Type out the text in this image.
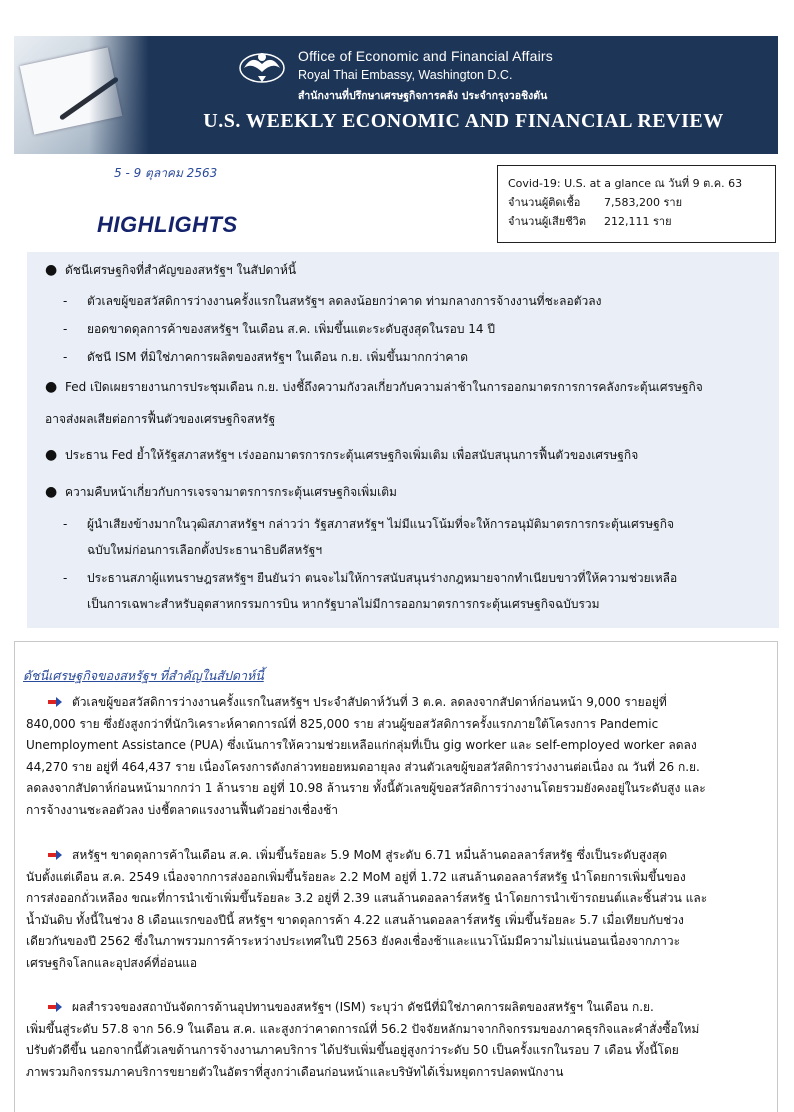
Office of Economic and Financial Affairs
Royal Thai Embassy, Washington D.C.
สำนักงานที่ปรึกษาเศรษฐกิจการคลัง ประจำกรุงวอชิงตัน
U.S. WEEKLY ECONOMIC AND FINANCIAL REVIEW
5 - 9 ตุลาคม 2563
Covid-19: U.S. at a glance ณ วันที่ 9 ต.ค. 63
จำนวนผู้ติดเชื้อ	7,583,200 ราย
จำนวนผู้เสียชีวิต	212,111 ราย
HIGHLIGHTS
● ดัชนีเศรษฐกิจที่สำคัญของสหรัฐฯ ในสัปดาห์นี้
- ตัวเลขผู้ขอสวัสดิการว่างงานครั้งแรกในสหรัฐฯ ลดลงน้อยกว่าคาด ท่ามกลางการจ้างงานที่ชะลอตัวลง
- ยอดขาดดุลการค้าของสหรัฐฯ ในเดือน ส.ค. เพิ่มขึ้นแตะระดับสูงสุดในรอบ 14 ปี
- ดัชนี ISM ที่มิใช่ภาคการผลิตของสหรัฐฯ ในเดือน ก.ย. เพิ่มขึ้นมากกว่าคาด
● Fed เปิดเผยรายงานการประชุมเดือน ก.ย. บ่งชี้ถึงความกังวลเกี่ยวกับความล่าช้าในการออกมาตรการการคลังกระตุ้นเศรษฐกิจ
อาจส่งผลเสียต่อการฟื้นตัวของเศรษฐกิจสหรัฐ
● ประธาน Fed ย้ำให้รัฐสภาสหรัฐฯ เร่งออกมาตรการกระตุ้นเศรษฐกิจเพิ่มเติม เพื่อสนับสนุนการฟื้นตัวของเศรษฐกิจ
● ความคืบหน้าเกี่ยวกับการเจรจามาตรการกระตุ้นเศรษฐกิจเพิ่มเติม
- ผู้นำเสียงข้างมากในวุฒิสภาสหรัฐฯ กล่าวว่า รัฐสภาสหรัฐฯ ไม่มีแนวโน้มที่จะให้การอนุมัติมาตรการกระตุ้นเศรษฐกิจ
ฉบับใหม่ก่อนการเลือกตั้งประธานาธิบดีสหรัฐฯ
- ประธานสภาผู้แทนราษฎรสหรัฐฯ ยืนยันว่า ตนจะไม่ให้การสนับสนุนร่างกฎหมายจากทำเนียบขาวที่ให้ความช่วยเหลือ
เป็นการเฉพาะสำหรับอุตสาหกรรมการบิน หากรัฐบาลไม่มีการออกมาตรการกระตุ้นเศรษฐกิจฉบับรวม
ดัชนีเศรษฐกิจของสหรัฐฯ ที่สำคัญในสัปดาห์นี้
ตัวเลขผู้ขอสวัสดิการว่างงานครั้งแรกในสหรัฐฯ ประจำสัปดาห์วันที่ 3 ต.ค. ลดลงจากสัปดาห์ก่อนหน้า 9,000 รายอยู่ที่
840,000 ราย ซึ่งยังสูงกว่าที่นักวิเคราะห์คาดการณ์ที่ 825,000 ราย ส่วนผู้ขอสวัสดิการครั้งแรกภายใต้โครงการ Pandemic
Unemployment Assistance (PUA) ซึ่งเน้นการให้ความช่วยเหลือแก่กลุ่มที่เป็น gig worker และ self-employed worker ลดลง
44,270 ราย อยู่ที่ 464,437 ราย เนื่องโครงการดังกล่าวทยอยหมดอายุลง ส่วนตัวเลขผู้ขอสวัสดิการว่างงานต่อเนื่อง ณ วันที่ 26 ก.ย.
ลดลงจากสัปดาห์ก่อนหน้ามากกว่า 1 ล้านราย อยู่ที่ 10.98 ล้านราย ทั้งนี้ตัวเลขผู้ขอสวัสดิการว่างงานโดยรวมยังคงอยู่ในระดับสูง และ
การจ้างงานชะลอตัวลง บ่งชี้ตลาดแรงงานฟื้นตัวอย่างเชื่องช้า
สหรัฐฯ ขาดดุลการค้าในเดือน ส.ค. เพิ่มขึ้นร้อยละ 5.9 MoM สู่ระดับ 6.71 หมื่นล้านดอลลาร์สหรัฐ ซึ่งเป็นระดับสูงสุด
นับตั้งแต่เดือน ส.ค. 2549 เนื่องจากการส่งออกเพิ่มขึ้นร้อยละ 2.2 MoM อยู่ที่ 1.72 แสนล้านดอลลาร์สหรัฐ นำโดยการเพิ่มขึ้นของ
การส่งออกถั่วเหลือง ขณะที่การนำเข้าเพิ่มขึ้นร้อยละ 3.2 อยู่ที่ 2.39 แสนล้านดอลลาร์สหรัฐ นำโดยการนำเข้ารถยนต์และชิ้นส่วน และ
น้ำมันดิบ ทั้งนี้ในช่วง 8 เดือนแรกของปีนี้ สหรัฐฯ ขาดดุลการค้า 4.22 แสนล้านดอลลาร์สหรัฐ เพิ่มขึ้นร้อยละ 5.7 เมื่อเทียบกับช่วง
เดียวกันของปี 2562 ซึ่งในภาพรวมการค้าระหว่างประเทศในปี 2563 ยังคงเชื่องช้าและแนวโน้มมีความไม่แน่นอนเนื่องจากภาวะ
เศรษฐกิจโลกและอุปสงค์ที่อ่อนแอ
ผลสำรวจของสถาบันจัดการด้านอุปทานของสหรัฐฯ (ISM) ระบุว่า ดัชนีที่มิใช่ภาคการผลิตของสหรัฐฯ ในเดือน ก.ย.
เพิ่มขึ้นสู่ระดับ 57.8 จาก 56.9 ในเดือน ส.ค. และสูงกว่าคาดการณ์ที่ 56.2 ปัจจัยหลักมาจากกิจกรรมของภาคธุรกิจและคำสั่งซื้อใหม่
ปรับตัวดีขึ้น นอกจากนี้ตัวเลขด้านการจ้างงานภาคบริการ ได้ปรับเพิ่มขึ้นอยู่สูงกว่าระดับ 50 เป็นครั้งแรกในรอบ 7 เดือน ทั้งนี้โดย
ภาพรวมกิจกรรมภาคบริการขยายตัวในอัตราที่สูงกว่าเดือนก่อนหน้าและบริษัทได้เริ่มหยุดการปลดพนักงาน
